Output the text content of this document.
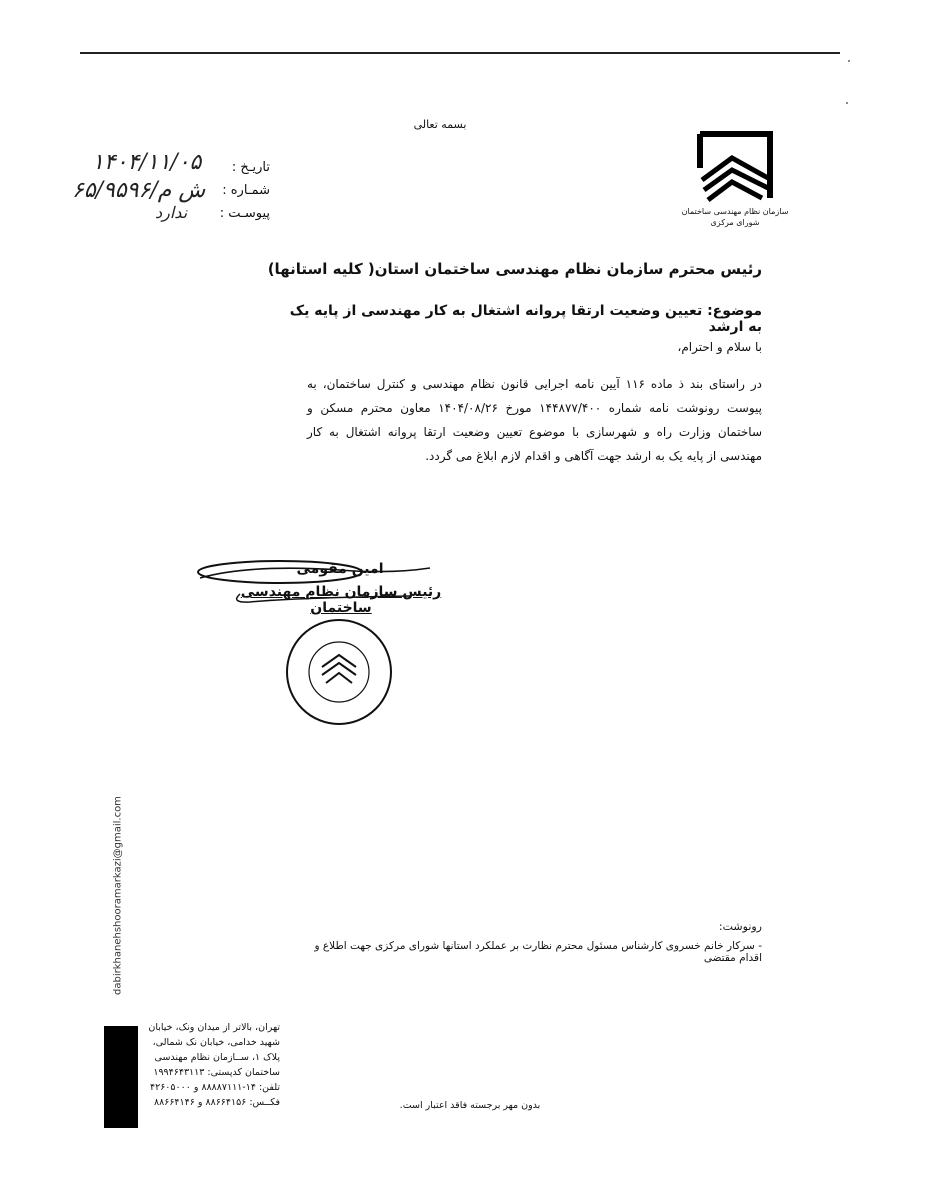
بسمه تعالی
سازمان نظام مهندسی ساختمان
شورای مرکزی
تاریـخ :
شمـاره :
پیوسـت :
۱۴۰۴/۱۱/۰۵
۶۵/۹۵۹۶/ش م
ندارد
رئیس محترم سازمان نظام مهندسی ساختمان استان( کلیه استانها)
موضوع: تعیین وضعیت ارتقا پروانه اشتغال به کار مهندسی از پایه یک به ارشد
با سلام و احترام،
در راستای بند ذ ماده ۱۱۶ آیین نامه اجرایی قانون نظام مهندسی و کنترل ساختمان، به پیوست رونوشت نامه شماره ۱۴۴۸۷۷/۴۰۰ مورخ ۱۴۰۴/۰۸/۲۶ معاون محترم مسکن و ساختمان وزارت راه و شهرسازی با موضوع تعیین وضعیت ارتقا پروانه اشتغال به کار مهندسی از پایه یک به ارشد جهت آگاهی و اقدام لازم ابلاغ می گردد.
امین مقومی
رئیس سازمان نظام مهندسی ساختمان
dabirkhanehshooramarkazi@gmail.com	رونوشت:
- سرکار خانم خسروی کارشناس مسئول محترم نظارت بر عملکرد استانها شورای مرکزی جهت اطلاع و اقدام مقتضی
تهران، بالاتر از میدان ونک، خیابان
شهید خدامی، خیابان نک شمالی،
پلاک ۱، ســازمان نظام مهندسی
ساختمان کدپستی: ۱۹۹۴۶۴۳۱۱۳
تلفن: ۱۴-۸۸۸۸۷۱۱۱ و ۴۲۶۰۵۰۰۰
فکــس: ۸۸۶۶۴۱۵۶ و ۸۸۶۶۴۱۴۶	بدون مهر برجسته فاقد اعتبار است.
